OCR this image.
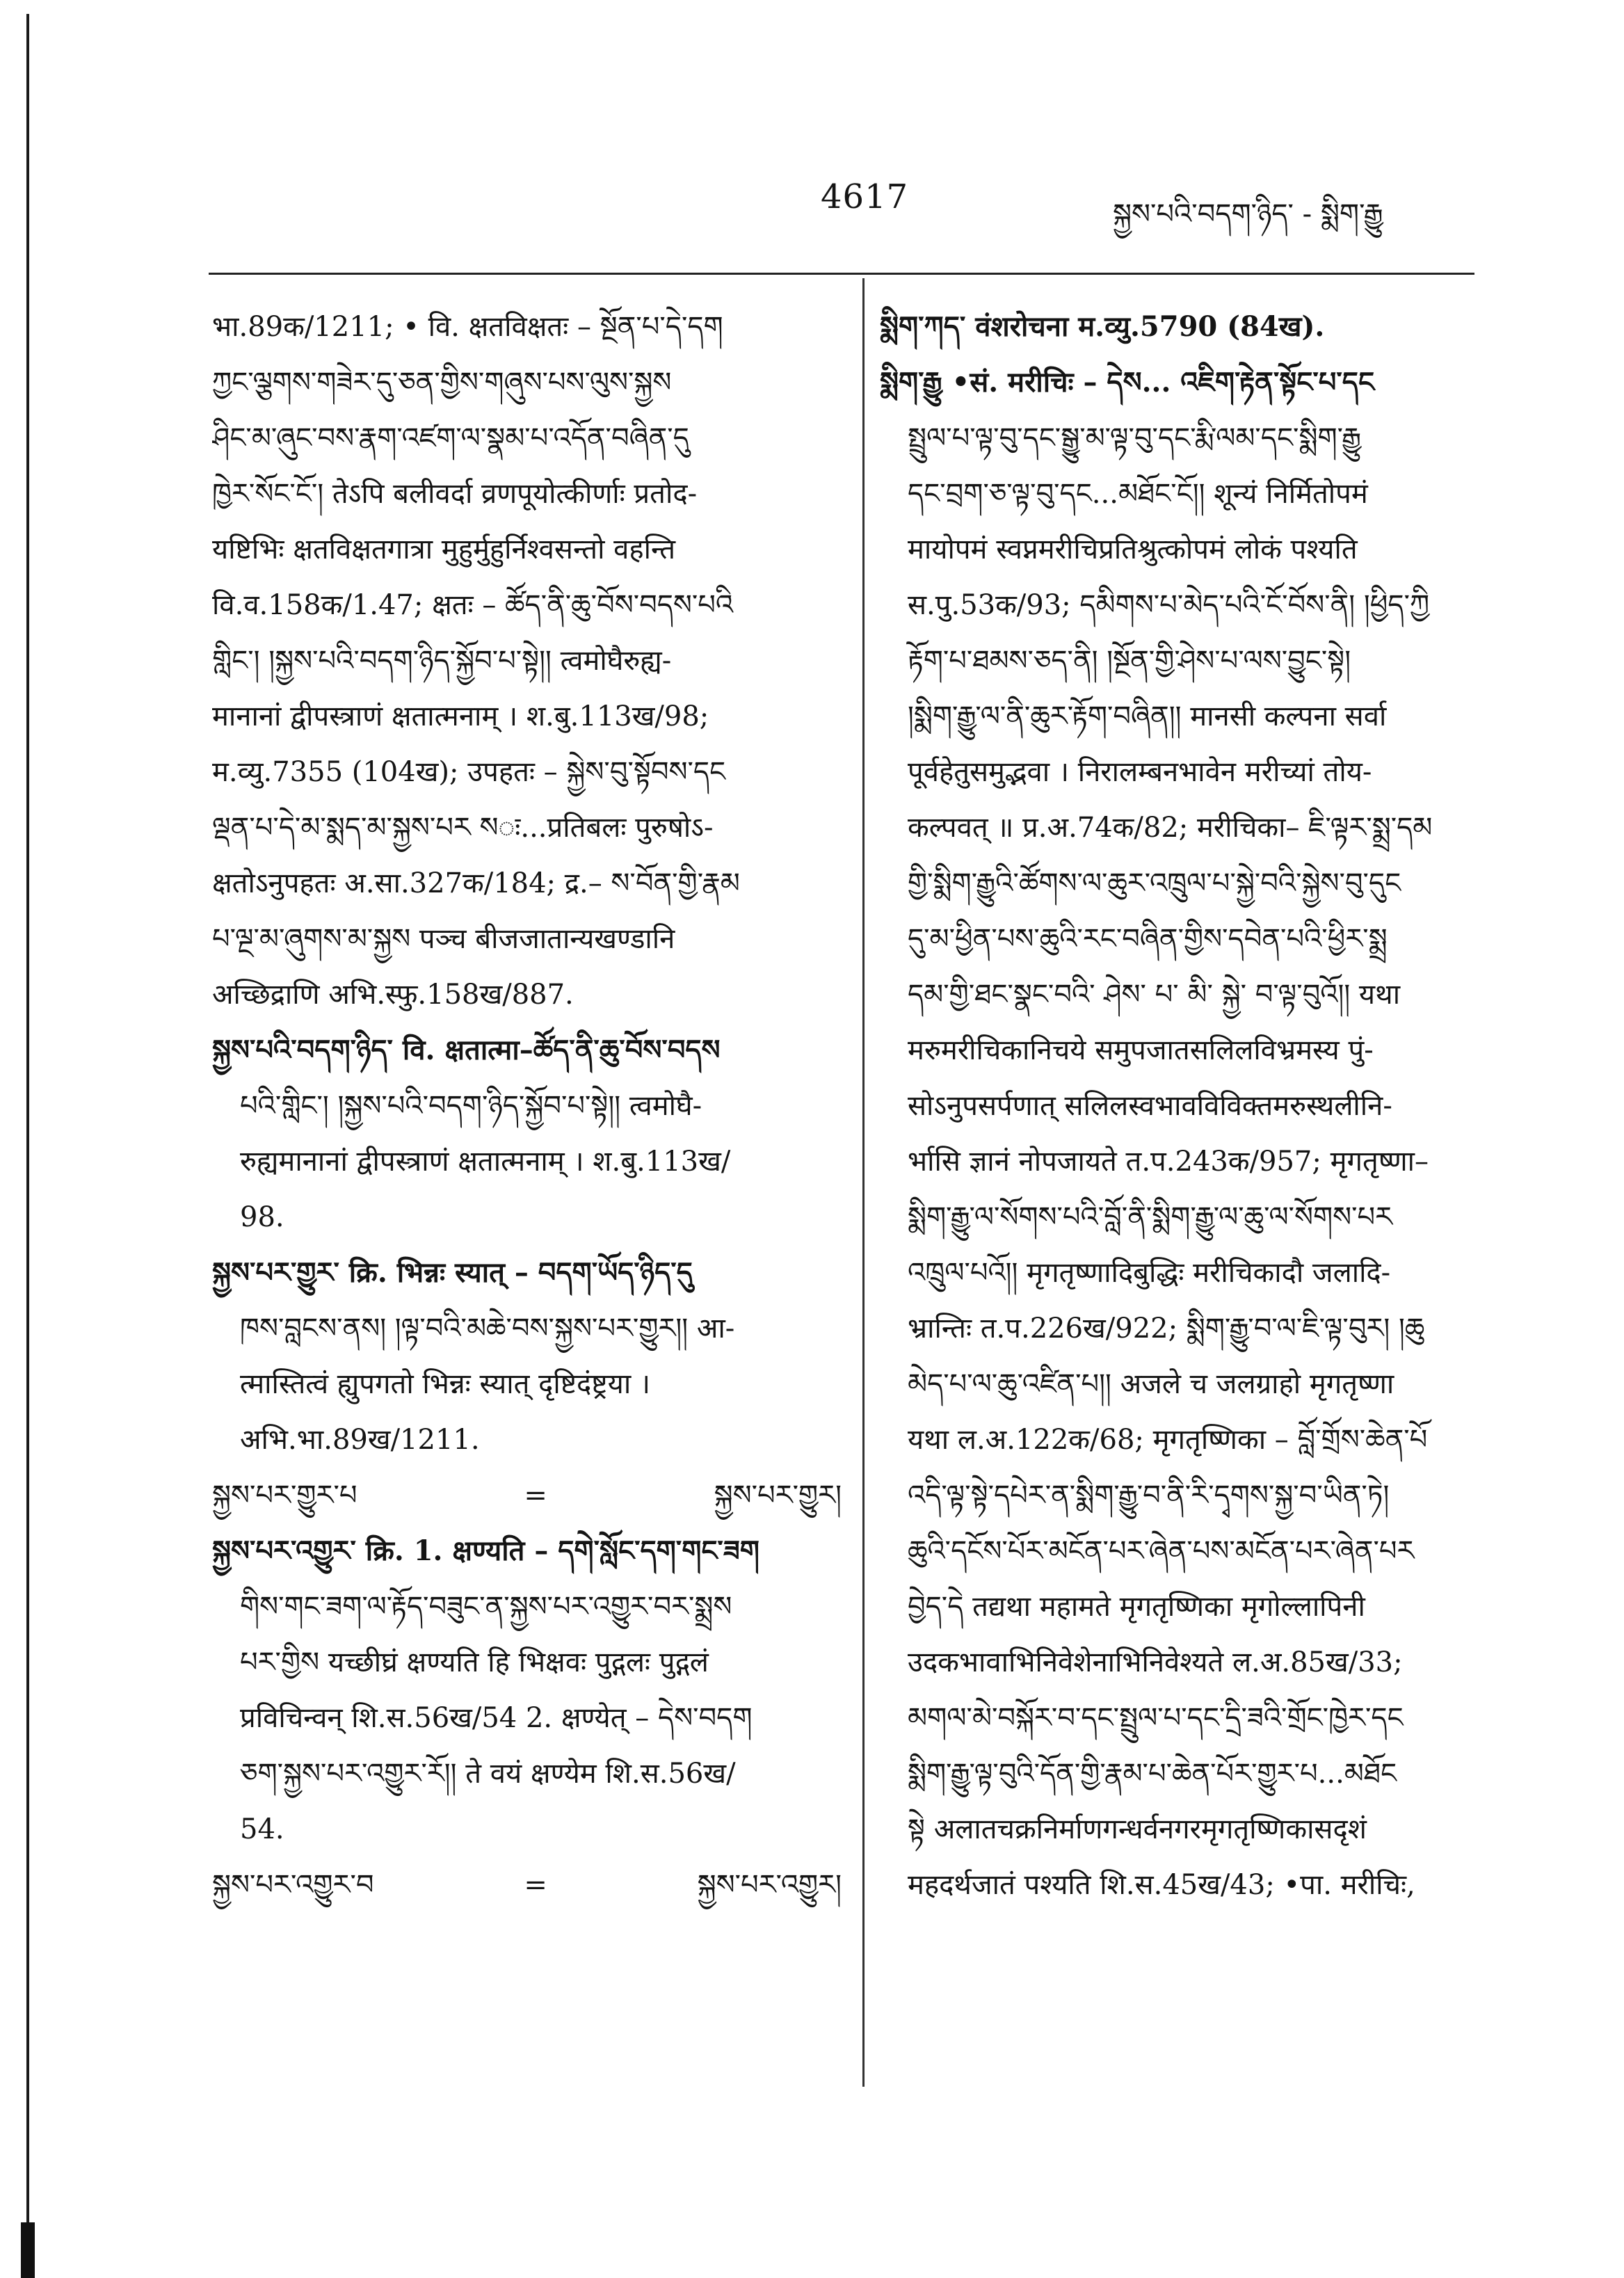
4617	སྐྱས་པའི་བདག་ཉིད་ - སྨིག་རྒྱུ
भा.89क/1211; • वि. क्षतविक्षतः – སྔོན་པ་དེ་དག
ཀྱང་ལྕགས་གཟེར་དུ་ཅན་གྱིས་གཞུས་པས་ལུས་སྐྱས
ཤིང་མ་ཞུང་བས་རྣག་འཛག་ལ་སྣམ་པ་འདོན་བཞིན་དུ
ཁྱེར་སོང་ངོ་། तेऽपि बलीवर्दा व्रणपूयोत्कीर्णाः प्रतोद-
यष्टिभिः क्षतविक्षतगात्रा मुहुर्मुहुर्निश्वसन्तो वहन्ति
वि.व.158क/1.47; क्षतः – ཚོད་ནི་ཆུ་བོས་བདས་པའི
གླིང་། །སྐྱས་པའི་བདག་ཉིད་སྐྱོབ་པ་སྟེ།། त्वमोघैरुह्य-
मानानां द्वीपस्त्राणं क्षतात्मनाम् । श.बु.113ख/98;
म.व्यु.7355 (104ख); उपहतः – སྐྱེས་བུ་སྟོབས་དང
ལྡན་པ་དེ་མ་སྨད་མ་སྐྱས་པར སः...प्रतिबलः पुरुषोऽ-
क्षतोऽनुपहतः अ.सा.327क/184; द्र.– ས་བོན་གྱི་རྣམ
པ་ལྔ་མ་ཞུགས་མ་སྐྱས पञ्च बीजजातान्यखण्डानि
अच्छिद्राणि अभि.स्फु.158ख/887.
སྐྱས་པའི་བདག་ཉིད་ वि. क्षतात्मा–ཚོད་ནི་ཆུ་བོས་བདས
པའི་གླིང་། །སྐྱས་པའི་བདག་ཉིད་སྐྱོབ་པ་སྟེ།། त्वमोघै-
रुह्यमानानां द्वीपस्त्राणं क्षतात्मनाम् । श.बु.113ख/
98.
སྐྱས་པར་གྱུར་ क्रि. भिन्नः स्यात् – བདག་ཡོད་ཉིད་དུ
ཁས་བླངས་ནས། །ལྟ་བའི་མཆེ་བས་སྐྱས་པར་གྱུར།། आ-
त्मास्तित्वं ह्युपगतो भिन्नः स्यात् दृष्टिदंष्ट्रया ।
अभि.भा.89ख/1211.
སྐྱས་པར་གྱུར་པ	=	སྐྱས་པར་གྱུར།
སྐྱས་པར་འགྱུར་ क्रि. 1. क्षण्यति – དགེ་སློང་དག་གང་ཟག
གིས་གང་ཟག་ལ་རྟོད་བཟུང་ན་སྐྱས་པར་འགྱུར་བར་སྨྲས
པར་གྱིས यच्छीघ्रं क्षण्यति हि भिक्षवः पुद्गलः पुद्गलं
प्रविचिन्वन् शि.स.56ख/54 2. क्षण्येत् – དེས་བདག
ཅག་སྐྱས་པར་འགྱུར་རོ།། ते वयं क्षण्येम शि.स.56ख/
54.
སྐྱས་པར་འགྱུར་བ	=	སྐྱས་པར་འགྱུར།
སྨིག་ཀད་ वंशरोचना म.व्यु.5790 (84ख).
སྨིག་རྒྱུ •सं. मरीचिः – དེས... འཇིག་རྟེན་སྟོང་པ་དང
སྤྲུལ་པ་ལྟ་བུ་དང་སྒྱུ་མ་ལྟ་བུ་དང་རྨི་ལམ་དང་སྨིག་རྒྱུ
དང་བྲག་ཅ་ལྟ་བུ་དང...མཐོང་ངོ།། शून्यं निर्मितोपमं
मायोपमं स्वप्नमरीचिप्रतिश्रुत्कोपमं लोकं पश्यति
स.पु.53क/93; དམིགས་པ་མེད་པའི་ངོ་བོས་ནི། །ཕྱིད་ཀྱི
རྟོག་པ་ཐམས་ཅད་ནི། །སྔོན་གྱི་ཤེས་པ་ལས་བྱུང་སྟེ།
།སྨིག་རྒྱུ་ལ་ནི་ཆུར་རྟོག་བཞིན།། मानसी कल्पना सर्वा
पूर्वहेतुसमुद्भवा । निरालम्बनभावेन मरीच्यां तोय-
कल्पवत् ॥ प्र.अ.74क/82; मरीचिका– ཇི་ལྟར་སྨྲ་དམ
གྱི་སྨིག་རྒྱུའི་ཚོགས་ལ་ཆུར་འཁྲུལ་པ་སྐྱེ་བའི་སྐྱེས་བུ་དུང
དུ་མ་ཕྱིན་པས་ཆུའི་རང་བཞིན་གྱིས་དབེན་པའི་ཕྱིར་སྨྲ
དམ་གྱི་ཐང་སྣང་བའི་ ཤེས་ པ་ མི་ སྐྱེ་ བ་ལྟ་བུའོ།། यथा
मरुमरीचिकानिचये समुपजातसलिलविभ्रमस्य पुं-
सोऽनुपसर्पणात् सलिलस्वभावविविक्तमरुस्थलीनि-
र्भासि ज्ञानं नोपजायते त.प.243क/957; मृगतृष्णा–
སྨིག་རྒྱུ་ལ་སོགས་པའི་བློ་ནི་སྨིག་རྒྱུ་ལ་ཆུ་ལ་སོགས་པར
འཁྲུལ་པའོ།། मृगतृष्णादिबुद्धिः मरीचिकादौ जलादि-
भ्रान्तिः त.प.226ख/922; སྨིག་རྒྱུ་བ་ལ་ཇི་ལྟ་བུར། །ཆུ
མེད་པ་ལ་ཆུ་འཛིན་པ།། अजले च जलग्राहो मृगतृष्णा
यथा ल.अ.122क/68; मृगतृष्णिका – བློ་གྲོས་ཆེན་པོ
འདི་ལྟ་སྟེ་དཔེར་ན་སྨིག་རྒྱུ་བ་ནི་རི་དྭགས་སྐྱ་བ་ཡིན་ཏེ།
ཆུའི་དངོས་པོར་མངོན་པར་ཞེན་པས་མངོན་པར་ཞེན་པར
བྱེད་དེ तद्यथा महामते मृगतृष्णिका मृगोल्लापिनी
उदकभावाभिनिवेशेनाभिनिवेश्यते ल.अ.85ख/33;
མགལ་མེ་བསྐོར་བ་དང་སྤྲུལ་པ་དང་དྲི་ཟའི་གྲོང་ཁྱེར་དང
སྨིག་རྒྱུ་ལྟ་བུའི་དོན་གྱི་རྣམ་པ་ཆེན་པོར་གྱུར་པ...མཐོང
སྟེ अलातचक्रनिर्माणगन्धर्वनगरमृगतृष्णिकासदृशं
महदर्थजातं पश्यति शि.स.45ख/43; •पा. मरीचिः,
